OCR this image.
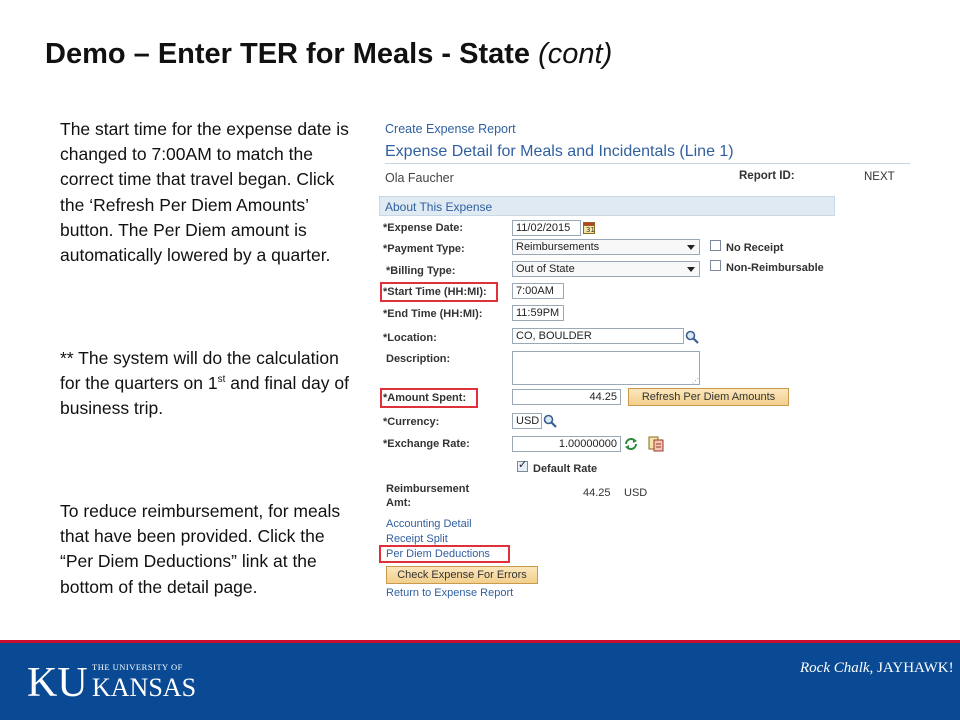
Demo – Enter TER for Meals - State (cont)
The start time for the expense date is changed to 7:00AM to match the correct time that travel began. Click the ‘Refresh Per Diem Amounts’ button. The Per Diem amount is automatically lowered by a quarter.
** The system will do the calculation for the quarters on 1st and final day of business trip.
To reduce reimbursement, for meals that have been provided. Click the “Per Diem Deductions” link at the bottom of the detail page.
Create Expense Report
Expense Detail for Meals and Incidentals (Line 1)
Ola Faucher	Report ID:	NEXT
About This Expense
*Expense Date:	11/02/2015	31
*Payment Type:	Reimbursements	No Receipt
*Billing Type:	Out of State	Non-Reimbursable
*Start Time (HH:MI):	7:00AM
*End Time (HH:MI):	11:59PM
*Location:	CO, BOULDER
Description:
⋰
*Amount Spent:	44.25	Refresh Per Diem Amounts
*Currency:	USD
*Exchange Rate:	1.00000000
✓
Default Rate
Reimbursement
Amt:
44.25 USD
Accounting Detail
Receipt Split
Per Diem Deductions
Check Expense For Errors
Return to Expense Report
KU THE UNIVERSITY OF
KANSAS
Rock Chalk, JAYHAWK!
